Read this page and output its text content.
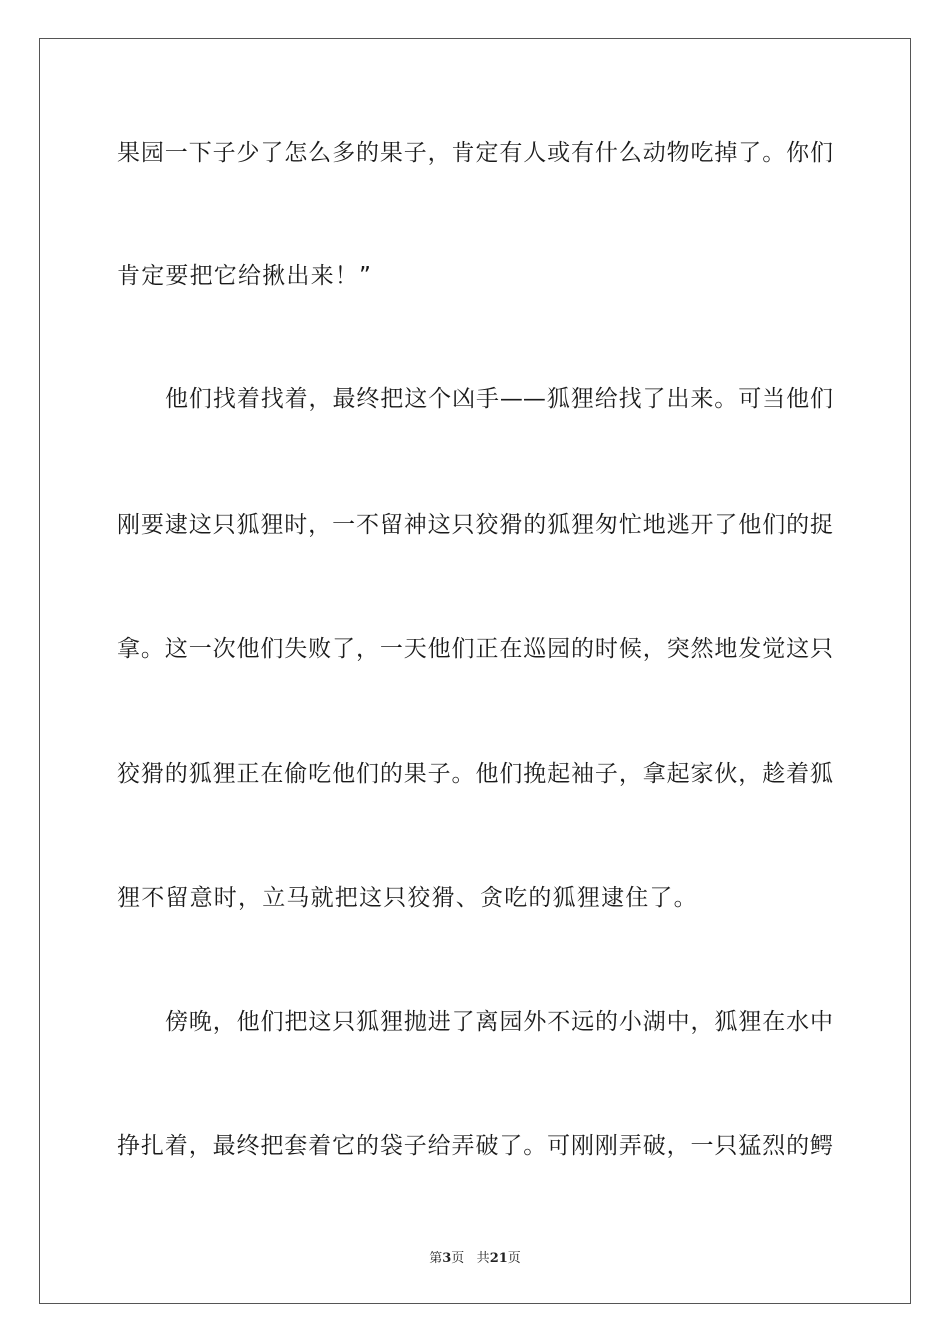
果园一下子少了怎么多的果子，肯定有人或有什么动物吃掉了。你们
肯定要把它给揪出来！”
他们找着找着，最终把这个凶手——狐狸给找了出来。可当他们
刚要逮这只狐狸时，一不留神这只狡猾的狐狸匆忙地逃开了他们的捉
拿。这一次他们失败了，一天他们正在巡园的时候，突然地发觉这只
狡猾的狐狸正在偷吃他们的果子。他们挽起袖子，拿起家伙，趁着狐
狸不留意时，立马就把这只狡猾、贪吃的狐狸逮住了。
傍晚，他们把这只狐狸抛进了离园外不远的小湖中，狐狸在水中
挣扎着，最终把套着它的袋子给弄破了。可刚刚弄破，一只猛烈的鳄
第3页 共21页
